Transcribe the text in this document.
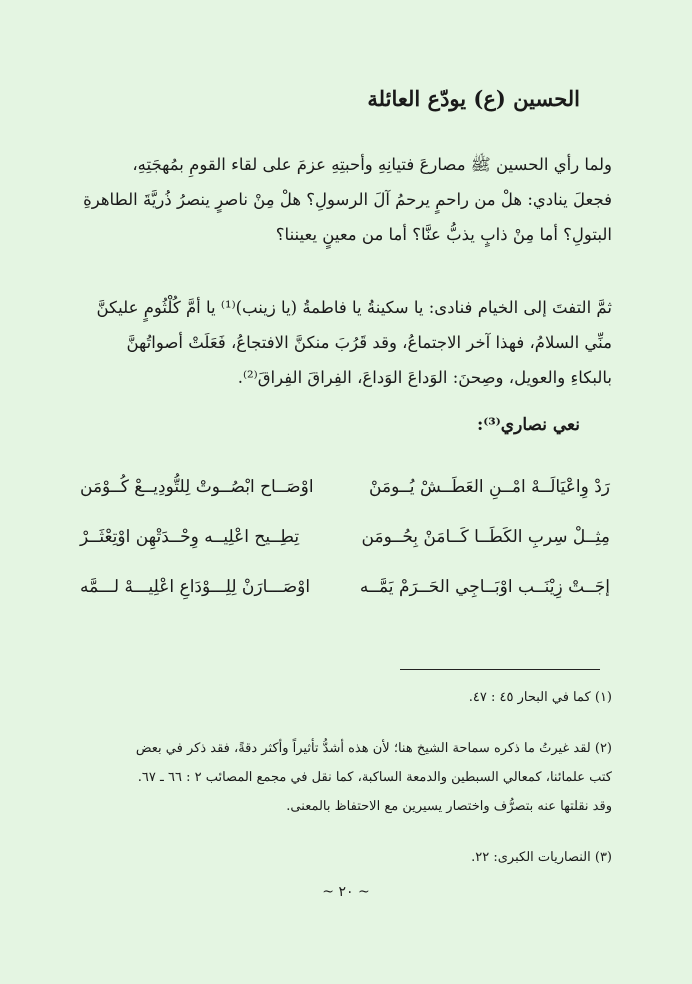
الحسين (ع) يودّع العائلة
ولما رأي الحسين ﷺ مصارعَ فتيانِهِ وأحبتِهِ عزمَ على لقاء القومِ بمُهجَتِهِ،
فجعلَ ينادي: هلْ من راحمٍ يرحمُ آلَ الرسولِ؟ هلْ مِنْ ناصرٍ ينصرُ ذُريَّةَ الطاهرةِ
البتولِ؟ أما مِنْ ذابٍ يذبُّ عنَّا؟ أما من معينٍ يعيننا؟
ثمَّ التفتَ إلى الخيام فنادى: يا سكينةُ يا فاطمةُ (يا زينب)⁽¹⁾ يا أمَّ كُلْثُومٍ عليكنَّ
منِّي السلامُ، فهذا آخر الاجتماعُ، وقد قَرُبَ منكنَّ الافتجاعُ، فَعَلَتْ أصواتُهنَّ
بالبكاءِ والعويل، وصِحنَ: الوَداعَ الوَداعَ، الفِراقَ الفِراقَ⁽²⁾.
نعي نصاري⁽³⁾:
رَدْ وِاعْيَالَــهْ امْــنِ العَطَــشْ يُــومَنْ
اوْصَــاح ابْصُــوتْ لِلتُّودِيــعْ كُــوْمَن
مِثِــلْ سِربِ الكَطَــا كَــامَنْ بِحُــومَن
تِطِــيح اعْلِيــه وِحْــدَتْهِن اوْتِعْثَــرْ
إجَــتْ زِيْنَــب اوْبَــاجِي الحَــرَمْ يَمَّــه
اوْصَـــارَنْ لِلِـــوْدَاعِ اعْلِيـــهْ لـــمَّه
(١) كما في البحار ٤٥ : ٤٧.
(٢) لقد غيرتُ ما ذكره سماحة الشيخ هنا؛ لأن هذه أشدُّ تأثيراً وأكثر دقةً، فقد ذكر في بعض
كتب علمائنا، كمعالي السبطين والدمعة الساكبة، كما نقل في مجمع المصائب ٢ : ٦٦ ـ ٦٧.
وقد نقلتها عنه بتصرُّف واختصار يسيرين مع الاحتفاظ بالمعنى.
(٣) النصاريات الكبرى: ٢٢.
~ ٢٠ ~
